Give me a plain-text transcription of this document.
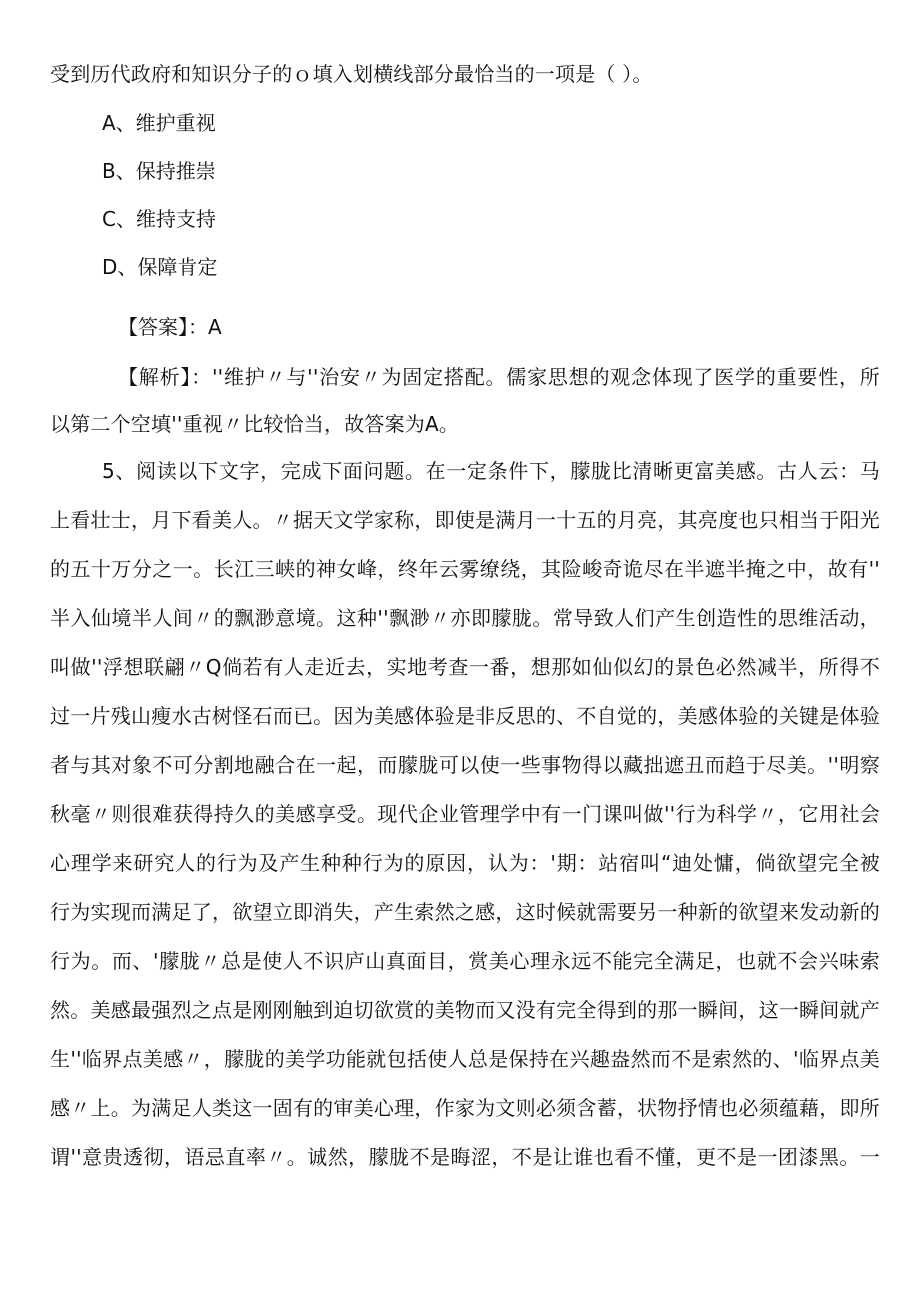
受到历代政府和知识分子的ｏ填入划横线部分最恰当的一项是（ ）。
A、维护重视
B、保持推崇
C、维持支持
D、保障肯定
【答案】：A
【解析】：''维护〃与''治安〃为固定搭配。儒家思想的观念体现了医学的重要性，所
以第二个空填''重视〃比较恰当，故答案为A。
5、阅读以下文字，完成下面问题。在一定条件下，朦胧比清晰更富美感。古人云：马
上看壮士，月下看美人。〃据天文学家称，即使是满月一十五的月亮，其亮度也只相当于阳光
的五十万分之一。长江三峡的神女峰，终年云雾缭绕，其险峻奇诡尽在半遮半掩之中，故有''
半入仙境半人间〃的飘渺意境。这种''飘渺〃亦即朦胧。常导致人们产生创造性的思维活动，
叫做''浮想联翩〃Q倘若有人走近去，实地考查一番，想那如仙似幻的景色必然减半，所得不
过一片残山瘦水古树怪石而已。因为美感体验是非反思的、不自觉的，美感体验的关键是体验
者与其对象不可分割地融合在一起，而朦胧可以使一些事物得以藏拙遮丑而趋于尽美。''明察
秋毫〃则很难获得持久的美感享受。现代企业管理学中有一门课叫做''行为科学〃，它用社会
心理学来研究人的行为及产生种种行为的原因，认为：'期：站宿叫“迪处慵，倘欲望完全被
行为实现而满足了，欲望立即消失，产生索然之感，这时候就需要另一种新的欲望来发动新的
行为。而、'朦胧〃总是使人不识庐山真面目，赏美心理永远不能完全满足，也就不会兴味索
然。美感最强烈之点是刚刚触到迫切欲赏的美物而又没有完全得到的那一瞬间，这一瞬间就产
生''临界点美感〃，朦胧的美学功能就包括使人总是保持在兴趣盎然而不是索然的、'临界点美
感〃上。为满足人类这一固有的审美心理，作家为文则必须含蓄，状物抒情也必须蕴藉，即所
谓''意贵透彻，语忌直率〃。诚然，朦胧不是晦涩，不是让谁也看不懂，更不是一团漆黑。一
